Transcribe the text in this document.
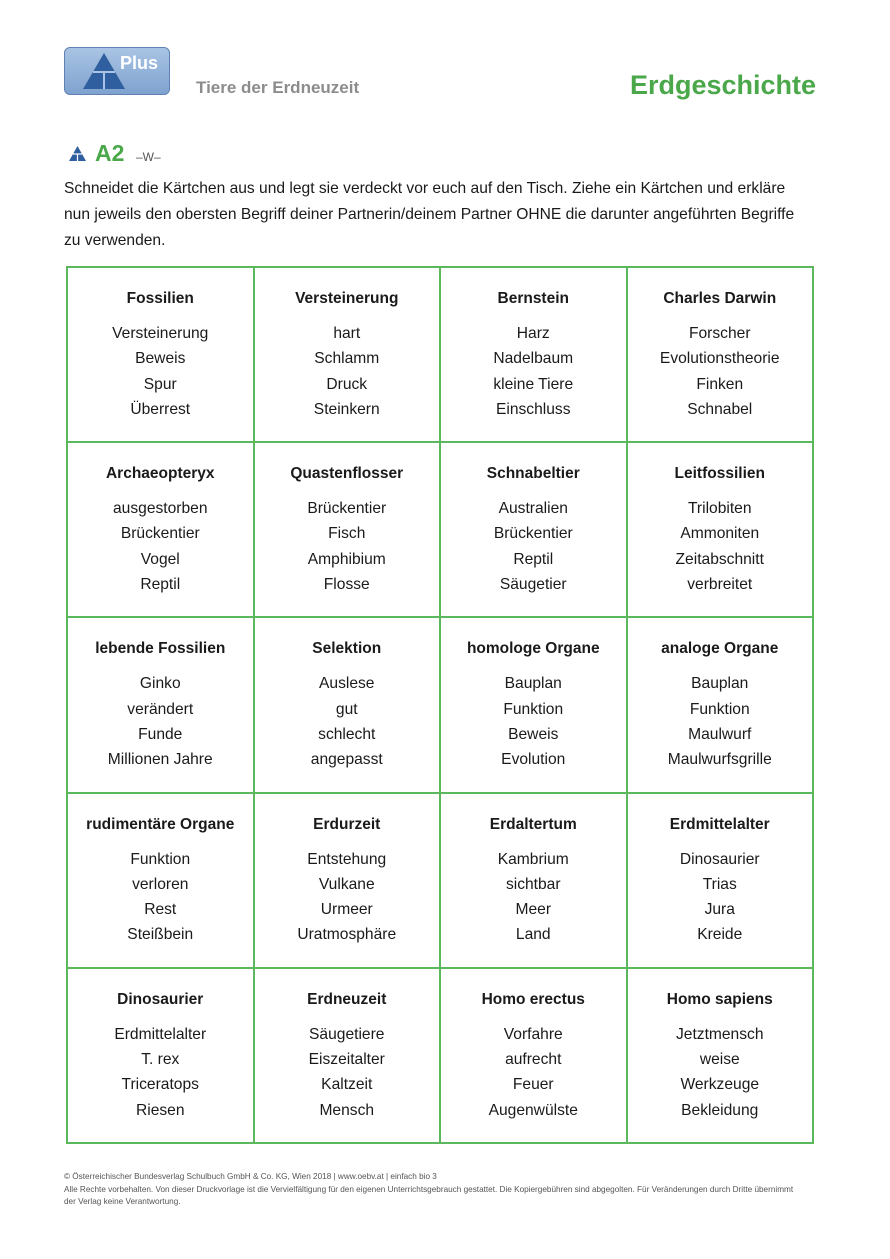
Plus
Tiere der Erdneuzeit	Erdgeschichte
A2 –W–
Schneidet die Kärtchen aus und legt sie verdeckt vor euch auf den Tisch. Ziehe ein Kärtchen und erkläre nun jeweils den obersten Begriff deiner Partnerin/deinem Partner OHNE die darunter angeführten Begriffe zu verwenden.
Fossilien
Versteinerung
Beweis
Spur
Überrest
Versteinerung
hart
Schlamm
Druck
Steinkern
Bernstein
Harz
Nadelbaum
kleine Tiere
Einschluss
Charles Darwin
Forscher
Evolutionstheorie
Finken
Schnabel
Archaeopteryx
ausgestorben
Brückentier
Vogel
Reptil
Quastenflosser
Brückentier
Fisch
Amphibium
Flosse
Schnabeltier
Australien
Brückentier
Reptil
Säugetier
Leitfossilien
Trilobiten
Ammoniten
Zeitabschnitt
verbreitet
lebende Fossilien
Ginko
verändert
Funde
Millionen Jahre
Selektion
Auslese
gut
schlecht
angepasst
homologe Organe
Bauplan
Funktion
Beweis
Evolution
analoge Organe
Bauplan
Funktion
Maulwurf
Maulwurfsgrille
rudimentäre Organe
Funktion
verloren
Rest
Steißbein
Erdurzeit
Entstehung
Vulkane
Urmeer
Uratmosphäre
Erdaltertum
Kambrium
sichtbar
Meer
Land
Erdmittelalter
Dinosaurier
Trias
Jura
Kreide
Dinosaurier
Erdmittelalter
T. rex
Triceratops
Riesen
Erdneuzeit
Säugetiere
Eiszeitalter
Kaltzeit
Mensch
Homo erectus
Vorfahre
aufrecht
Feuer
Augenwülste
Homo sapiens
Jetztmensch
weise
Werkzeuge
Bekleidung
© Österreichischer Bundesverlag Schulbuch GmbH & Co. KG, Wien 2018 | www.oebv.at | einfach bio 3
Alle Rechte vorbehalten. Von dieser Druckvorlage ist die Vervielfältigung für den eigenen Unterrichtsgebrauch gestattet. Die Kopiergebühren sind abgegolten. Für Veränderungen durch Dritte übernimmt der Verlag keine Verantwortung.
